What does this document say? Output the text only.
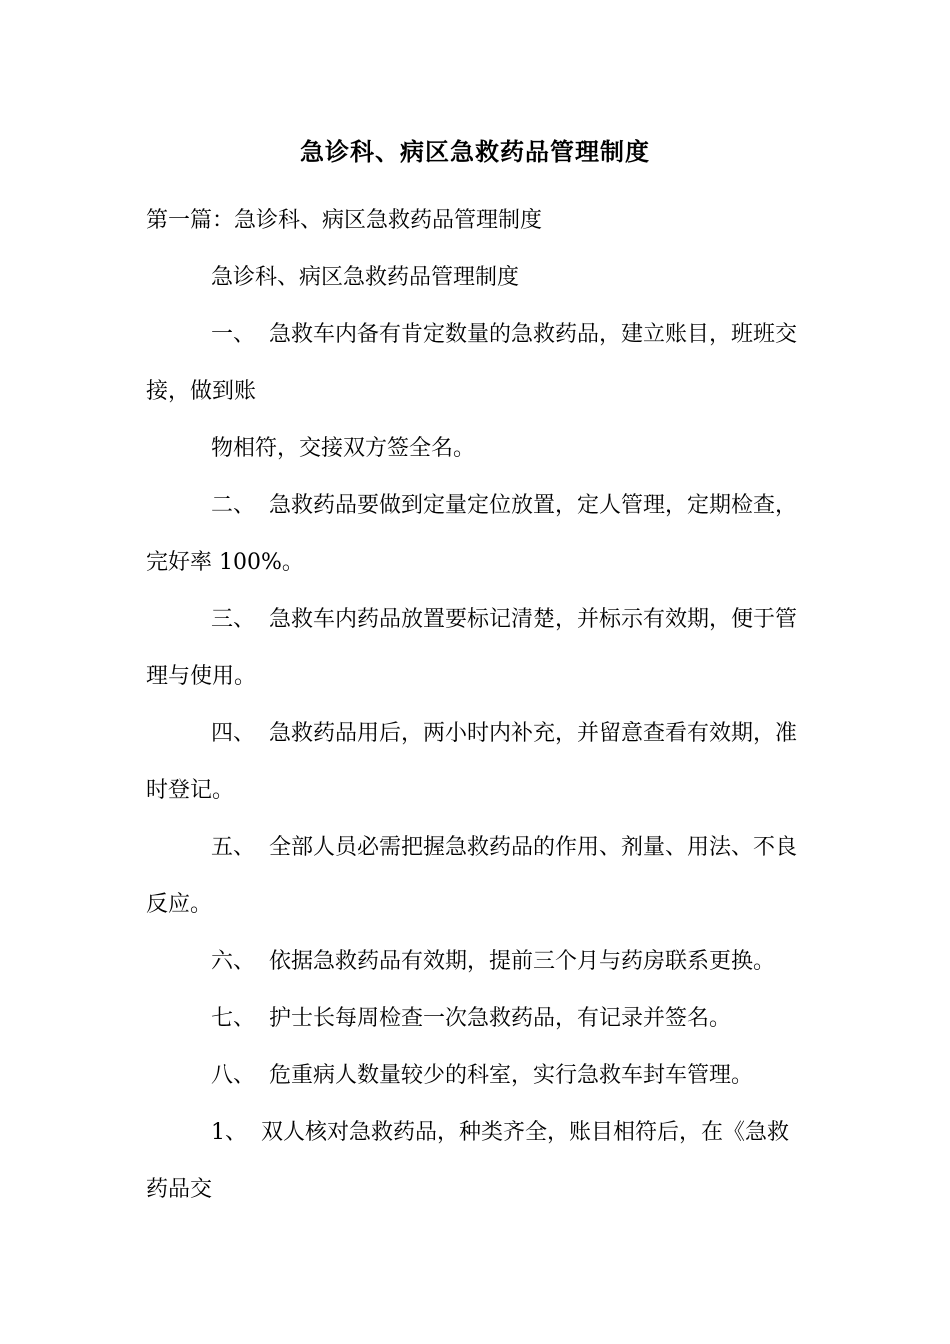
急诊科、病区急救药品管理制度
第一篇：急诊科、病区急救药品管理制度
急诊科、病区急救药品管理制度
一、 急救车内备有肯定数量的急救药品，建立账目，班班交
接，做到账
物相符，交接双方签全名。
二、 急救药品要做到定量定位放置，定人管理，定期检查，
完好率 100%。
三、 急救车内药品放置要标记清楚，并标示有效期，便于管
理与使用。
四、 急救药品用后，两小时内补充，并留意查看有效期，准
时登记。
五、 全部人员必需把握急救药品的作用、剂量、用法、不良
反应。
六、 依据急救药品有效期，提前三个月与药房联系更换。
七、 护士长每周检查一次急救药品，有记录并签名。
八、 危重病人数量较少的科室，实行急救车封车管理。
1、 双人核对急救药品，种类齐全，账目相符后，在《急救
药品交
